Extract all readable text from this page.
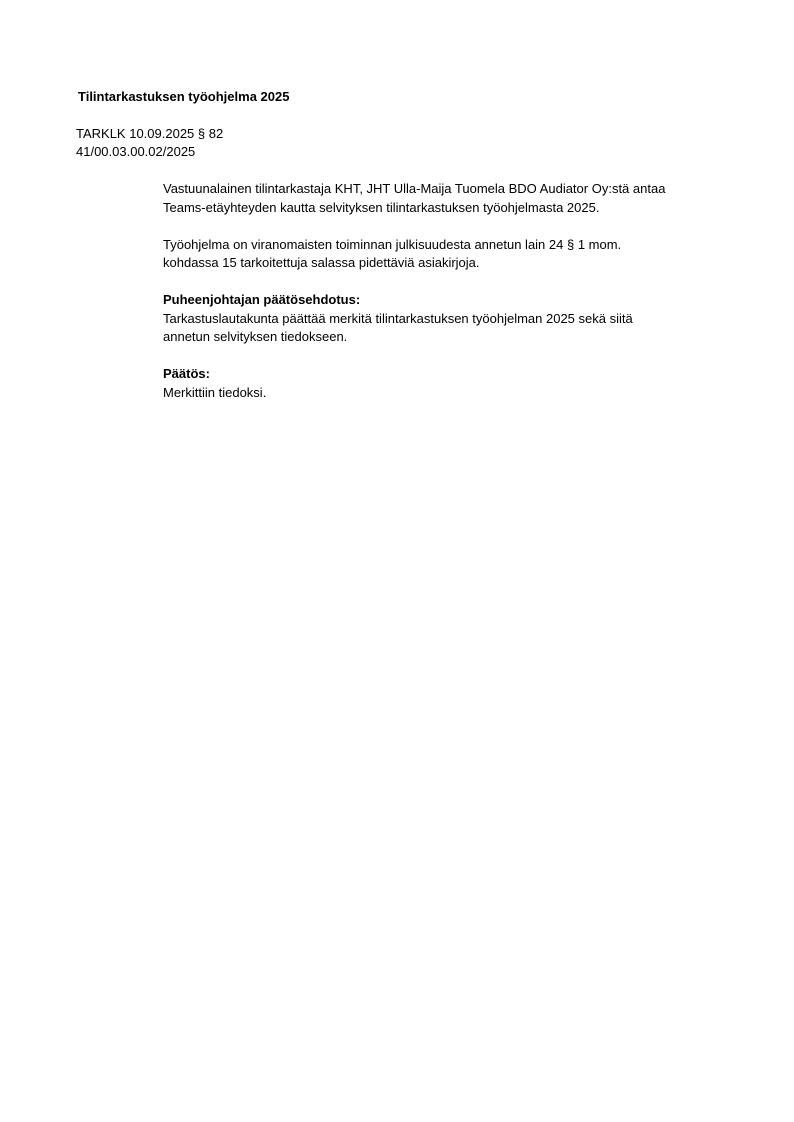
Tilintarkastuksen työohjelma 2025
TARKLK 10.09.2025 § 82
41/00.03.00.02/2025
Vastuunalainen tilintarkastaja KHT, JHT Ulla-Maija Tuomela BDO Audiator Oy:stä antaa
Teams-etäyhteyden kautta selvityksen tilintarkastuksen työohjelmasta 2025.
Työohjelma on viranomaisten toiminnan julkisuudesta annetun lain 24 § 1 mom.
kohdassa 15 tarkoitettuja salassa pidettäviä asiakirjoja.
Puheenjohtajan päätösehdotus:
Tarkastuslautakunta päättää merkitä tilintarkastuksen työohjelman 2025 sekä siitä
annetun selvityksen tiedokseen.
Päätös:
Merkittiin tiedoksi.
